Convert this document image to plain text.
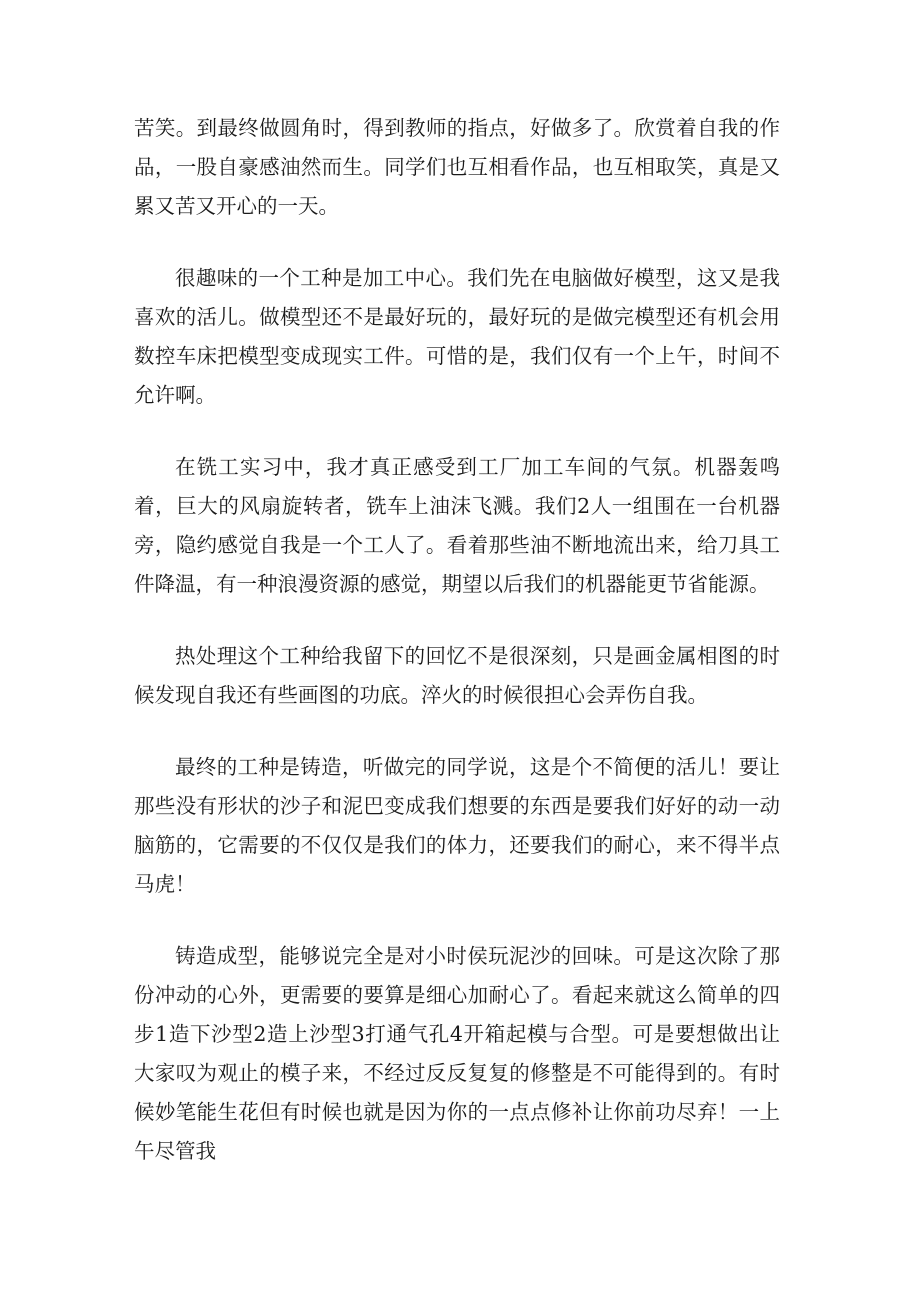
苦笑。到最终做圆角时，得到教师的指点，好做多了。欣赏着自我的作品，一股自豪感油然而生。同学们也互相看作品，也互相取笑，真是又累又苦又开心的一天。

很趣味的一个工种是加工中心。我们先在电脑做好模型，这又是我喜欢的活儿。做模型还不是最好玩的，最好玩的是做完模型还有机会用数控车床把模型变成现实工件。可惜的是，我们仅有一个上午，时间不允许啊。

在铣工实习中，我才真正感受到工厂加工车间的气氛。机器轰鸣着，巨大的风扇旋转者，铣车上油沫飞溅。我们2人一组围在一台机器旁，隐约感觉自我是一个工人了。看着那些油不断地流出来，给刀具工件降温，有一种浪漫资源的感觉，期望以后我们的机器能更节省能源。

热处理这个工种给我留下的回忆不是很深刻，只是画金属相图的时候发现自我还有些画图的功底。淬火的时候很担心会弄伤自我。

最终的工种是铸造，听做完的同学说，这是个不简便的活儿！要让那些没有形状的沙子和泥巴变成我们想要的东西是要我们好好的动一动脑筋的，它需要的不仅仅是我们的体力，还要我们的耐心，来不得半点马虎！

铸造成型，能够说完全是对小时侯玩泥沙的回味。可是这次除了那份冲动的心外，更需要的要算是细心加耐心了。看起来就这么简单的四步1造下沙型2造上沙型3打通气孔4开箱起模与合型。可是要想做出让大家叹为观止的模子来，不经过反反复复的修整是不可能得到的。有时候妙笔能生花但有时候也就是因为你的一点点修补让你前功尽弃！一上午尽管我
